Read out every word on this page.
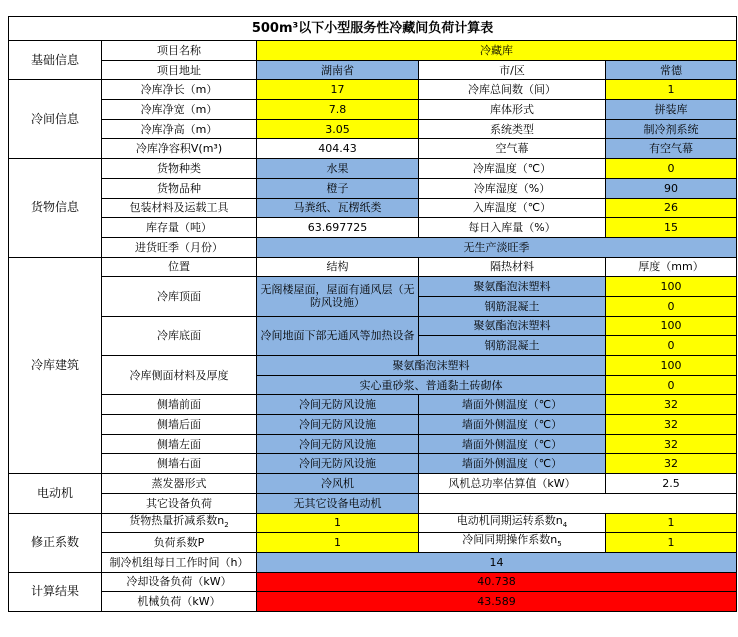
500m³以下小型服务性冷藏间负荷计算表				
基础信息	项目名称	冷藏库		
	项目地址	湖南省	市/区	常德
冷间信息	冷库净长（m）	17	冷库总间数（间）	1
	冷库净宽（m）	7.8	库体形式	拼装库
	冷库净高（m）	3.05	系统类型	制冷剂系统
	冷库净容积V(m³)	404.43	空气幕	有空气幕
货物信息	货物种类	水果	冷库温度（℃）	0
	货物品种	橙子	冷库湿度（%）	90
	包装材料及运载工具	马粪纸、瓦楞纸类	入库温度（℃）	26
	库存量（吨）	63.697725	每日入库量（%）	15
	进货旺季（月份）	无生产淡旺季		
冷库建筑	位置	结构	隔热材料	厚度（mm）
	冷库顶面	无阁楼屋面，屋面有通风层（无防风设施）	聚氨酯泡沫塑料	100
			钢筋混凝土	0
	冷库底面	冷间地面下部无通风等加热设备	聚氨酯泡沫塑料	100
			钢筋混凝土	0
	冷库侧面材料及厚度	聚氨酯泡沫塑料		100
		实心重砂浆、普通黏土砖砌体		0
	侧墙前面	冷间无防风设施	墙面外侧温度（℃）	32
	侧墙后面	冷间无防风设施	墙面外侧温度（℃）	32
	侧墙左面	冷间无防风设施	墙面外侧温度（℃）	32
	侧墙右面	冷间无防风设施	墙面外侧温度（℃）	32
电动机	蒸发器形式	冷风机	风机总功率估算值（kW）	2.5
	其它设备负荷	无其它设备电动机		
修正系数	货物热量折减系数$n_2$	1	电动机同期运转系数$n_4$	1
	负荷系数P	1	冷间同期操作系数$n_5$	1
	制冷机组每日工作时间（h）	14		
计算结果	冷却设备负荷（kW）	40.738		
	机械负荷（kW）	43.589		
